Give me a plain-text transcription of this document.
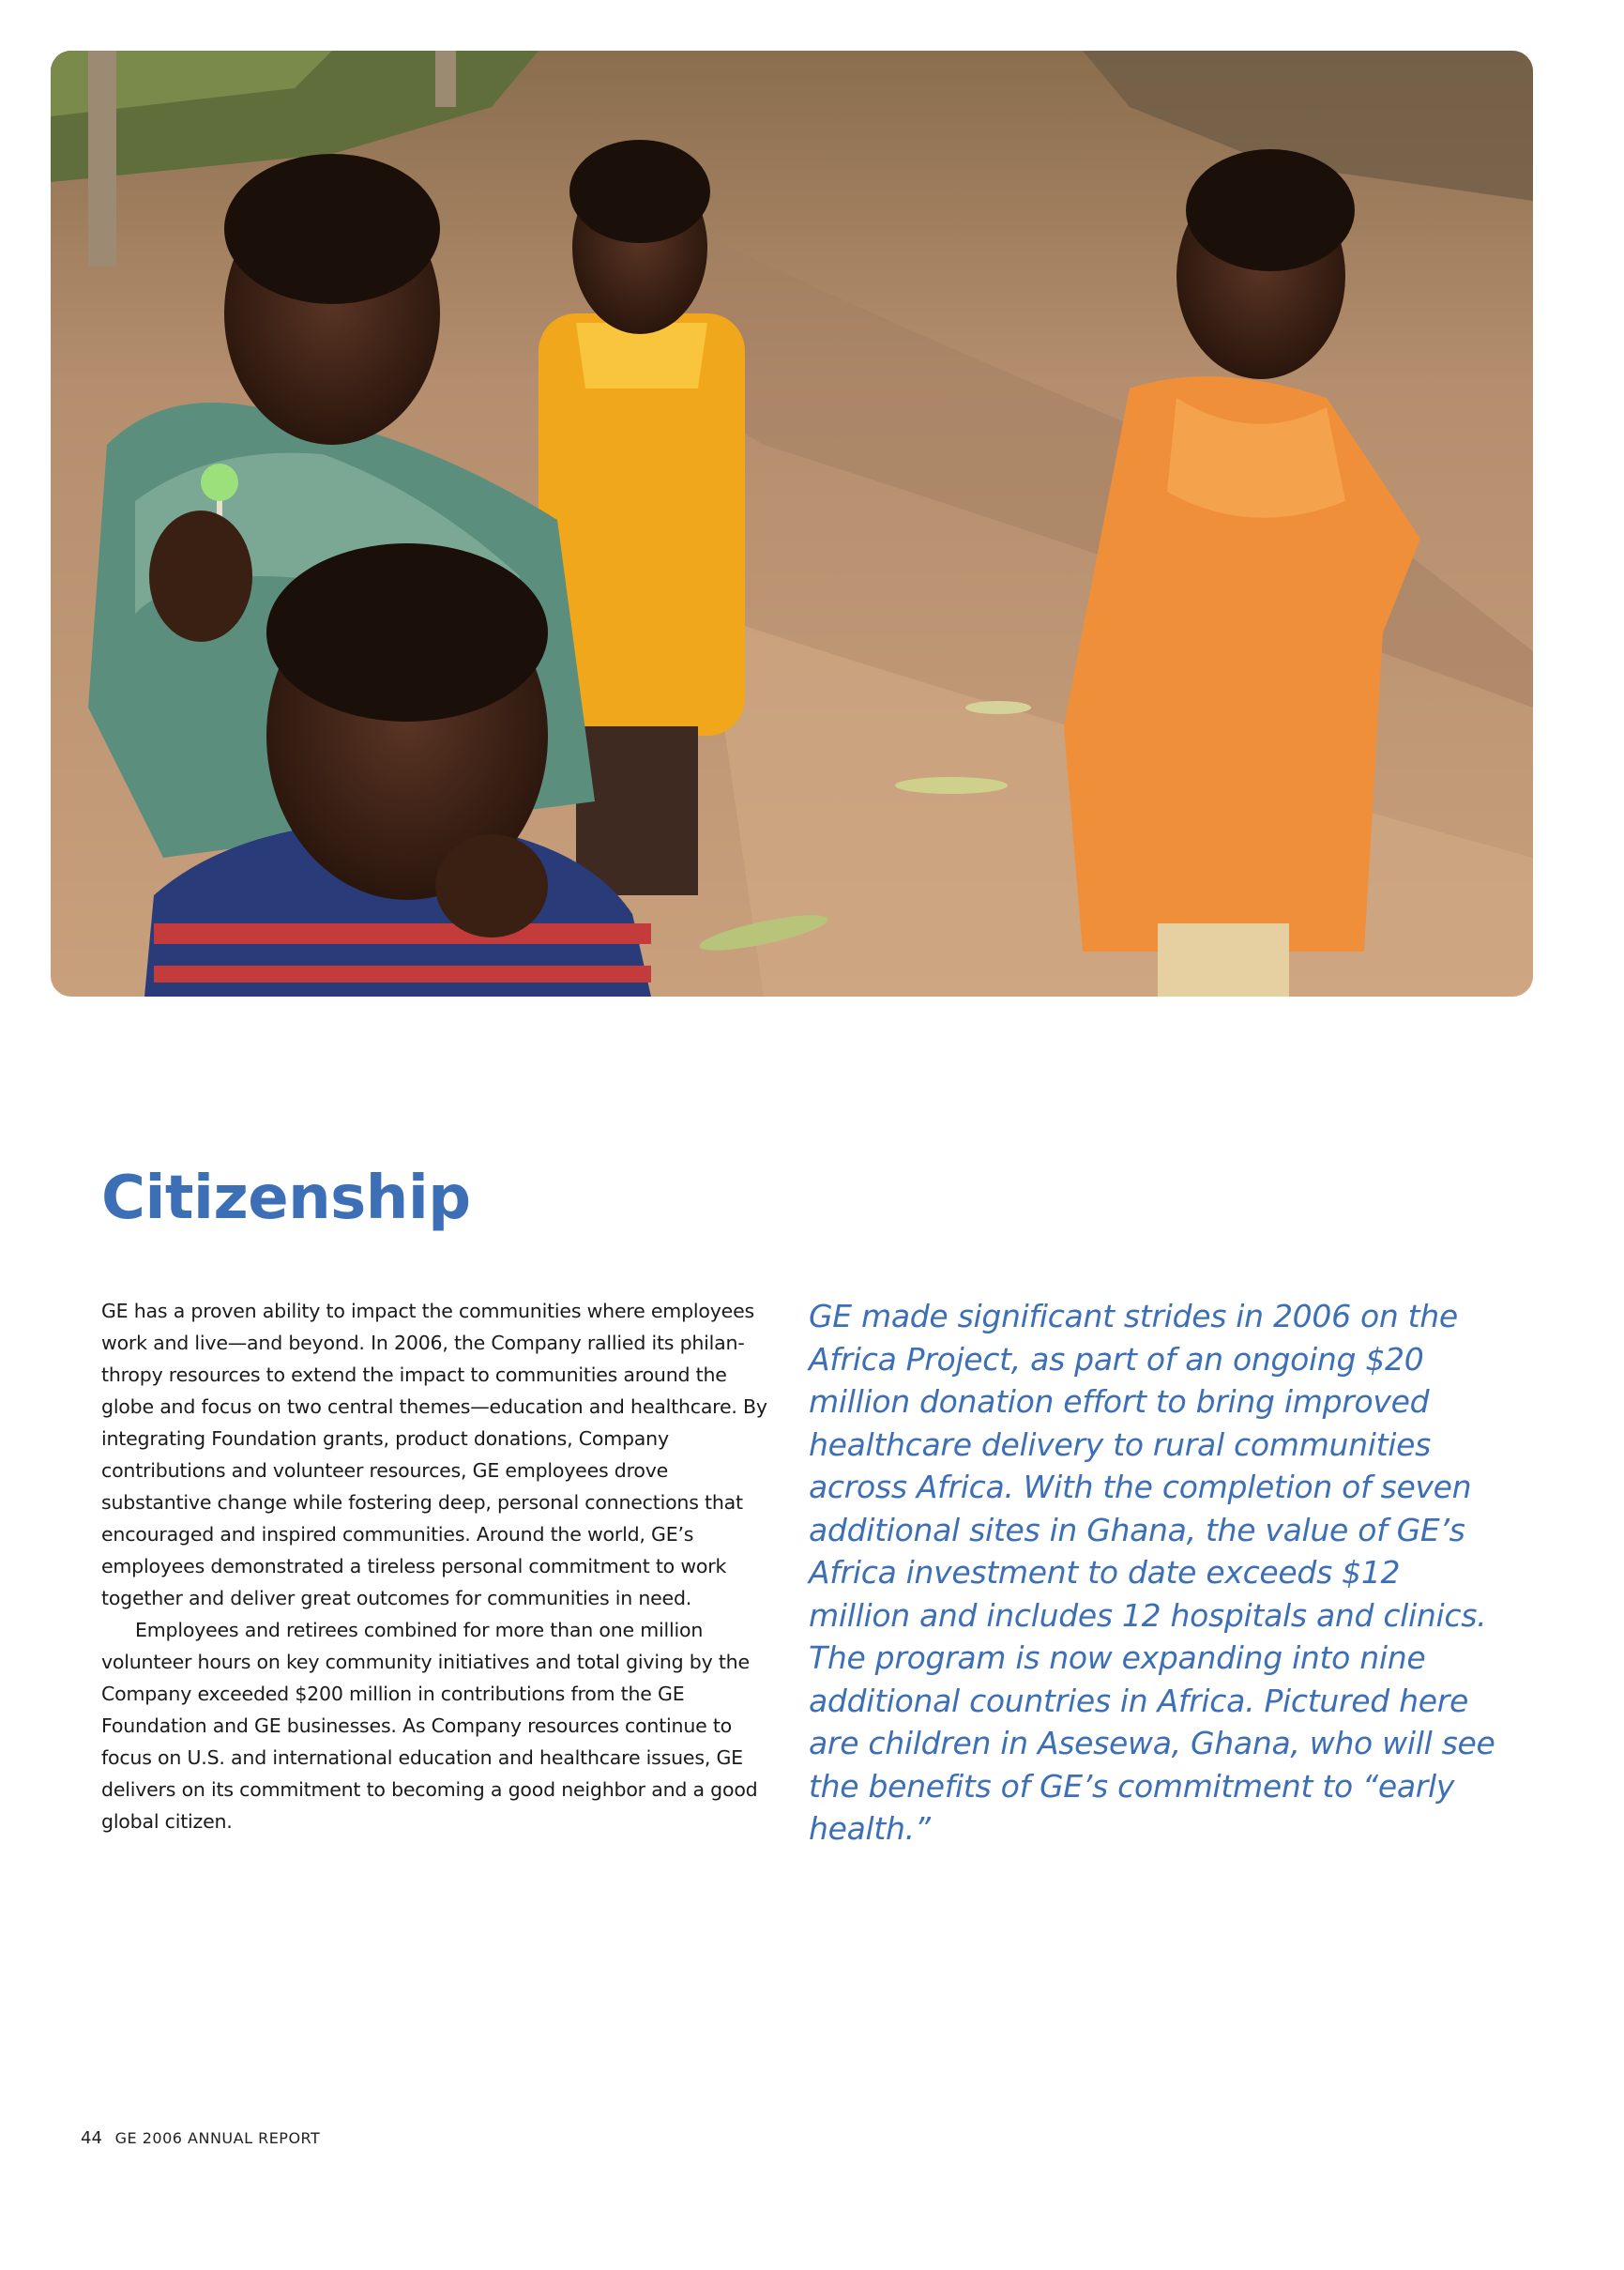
Citizenship

GE has a proven ability to impact the communities where employees work and live—and beyond. In 2006, the Company rallied its philanthropy resources to extend the impact to communities around the globe and focus on two central themes—education and healthcare. By integrating Foundation grants, product donations, Company contributions and volunteer resources, GE employees drove substantive change while fostering deep, personal connections that encouraged and inspired communities. Around the world, GE’s employees demonstrated a tireless personal commitment to work together and deliver great outcomes for communities in need.

Employees and retirees combined for more than one million volunteer hours on key community initiatives and total giving by the Company exceeded $200 million in contributions from the GE Foundation and GE businesses. As Company resources continue to focus on U.S. and international education and healthcare issues, GE delivers on its commitment to becoming a good neighbor and a good global citizen.

GE made significant strides in 2006 on the Africa Project, as part of an ongoing $20 million donation effort to bring improved healthcare delivery to rural communities across Africa. With the completion of seven additional sites in Ghana, the value of GE’s Africa investment to date exceeds $12 million and includes 12 hospitals and clinics. The program is now expanding into nine additional countries in Africa. Pictured here are children in Asesewa, Ghana, who will see the benefits of GE’s commitment to “early health.”

44 GE 2006 ANNUAL REPORT
